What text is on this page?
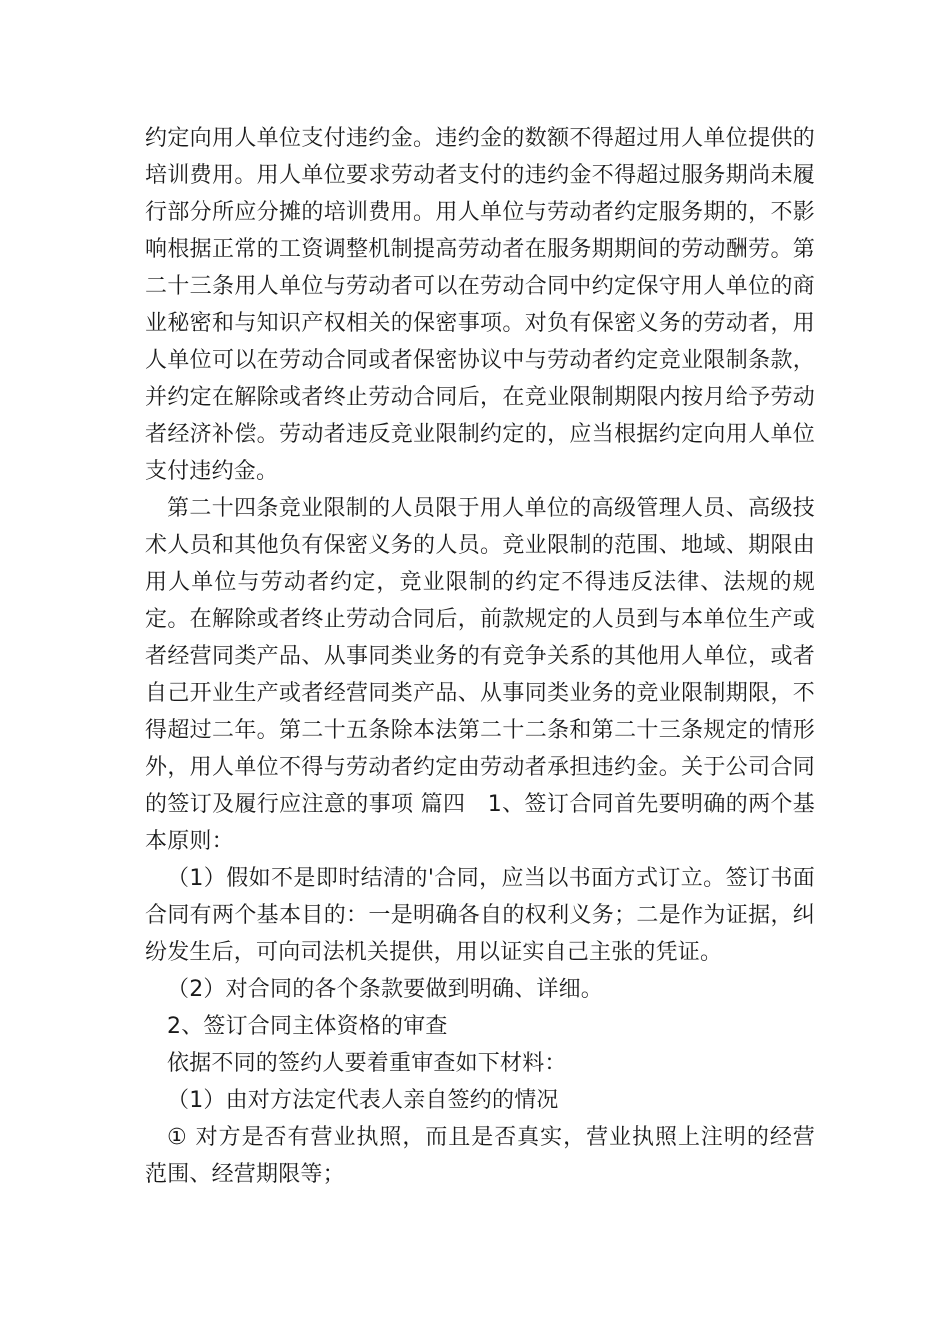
约定向用人单位支付违约金。违约金的数额不得超过用人单位提供的培训费用。用人单位要求劳动者支付的违约金不得超过服务期尚未履行部分所应分摊的培训费用。用人单位与劳动者约定服务期的，不影响根据正常的工资调整机制提高劳动者在服务期期间的劳动酬劳。第二十三条用人单位与劳动者可以在劳动合同中约定保守用人单位的商业秘密和与知识产权相关的保密事项。对负有保密义务的劳动者，用人单位可以在劳动合同或者保密协议中与劳动者约定竞业限制条款，并约定在解除或者终止劳动合同后，在竞业限制期限内按月给予劳动者经济补偿。劳动者违反竞业限制约定的，应当根据约定向用人单位支付违约金。

第二十四条竞业限制的人员限于用人单位的高级管理人员、高级技术人员和其他负有保密义务的人员。竞业限制的范围、地域、期限由用人单位与劳动者约定，竞业限制的约定不得违反法律、法规的规定。在解除或者终止劳动合同后，前款规定的人员到与本单位生产或者经营同类产品、从事同类业务的有竞争关系的其他用人单位，或者自己开业生产或者经营同类产品、从事同类业务的竞业限制期限，不得超过二年。第二十五条除本法第二十二条和第二十三条规定的情形外，用人单位不得与劳动者约定由劳动者承担违约金。关于公司合同的签订及履行应注意的事项 篇四　1、签订合同首先要明确的两个基本原则：

（1）假如不是即时结清的'合同，应当以书面方式订立。签订书面合同有两个基本目的：一是明确各自的权利义务；二是作为证据，纠纷发生后，可向司法机关提供，用以证实自己主张的凭证。

（2）对合同的各个条款要做到明确、详细。

2、签订合同主体资格的审查

依据不同的签约人要着重审查如下材料：

（1）由对方法定代表人亲自签约的情况

① 对方是否有营业执照，而且是否真实，营业执照上注明的经营范围、经营期限等；
